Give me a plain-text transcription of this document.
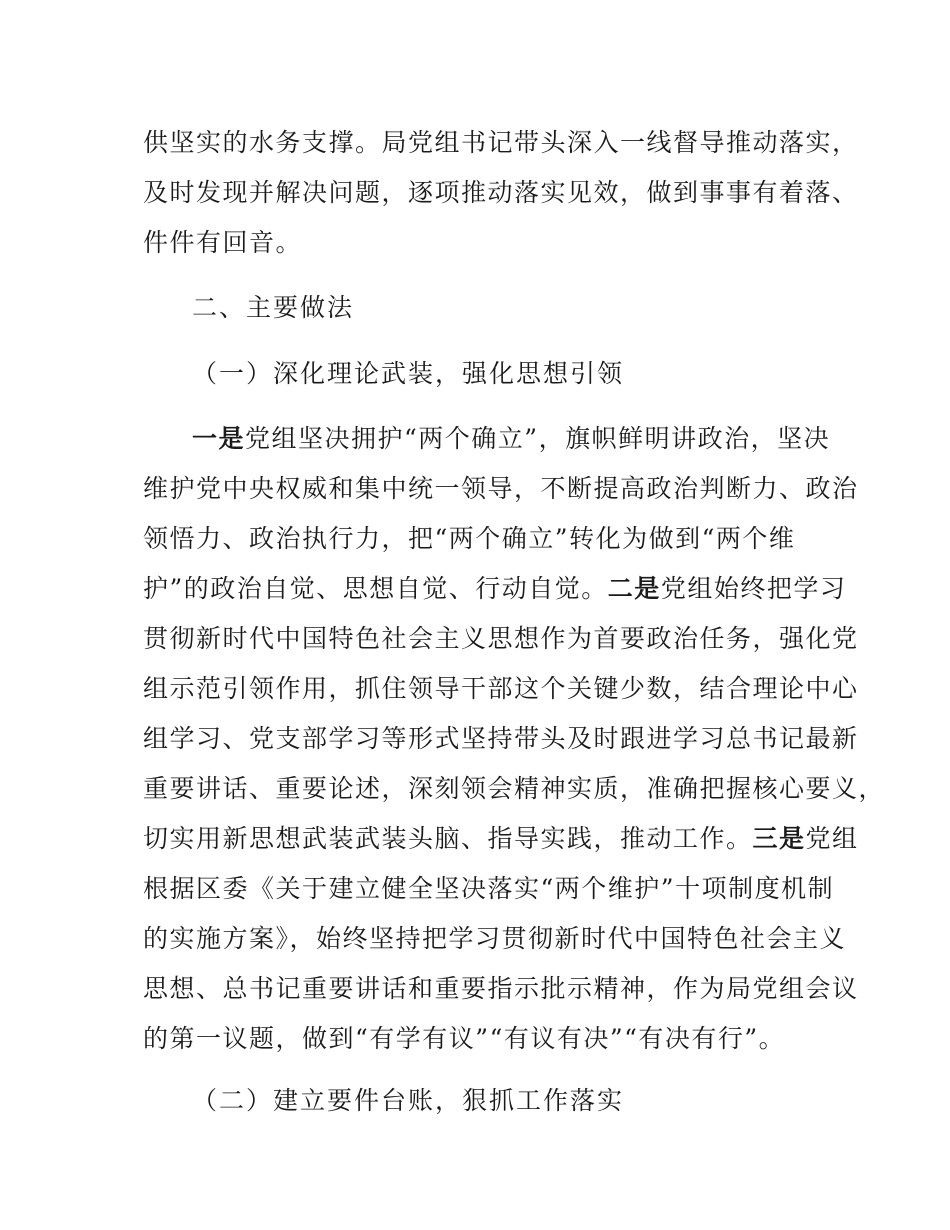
供坚实的水务支撑。局党组书记带头深入一线督导推动落实，
及时发现并解决问题，逐项推动落实见效，做到事事有着落、
件件有回音。
二、主要做法
（一）深化理论武装，强化思想引领
一是党组坚决拥护“两个确立”，旗帜鲜明讲政治，坚决
维护党中央权威和集中统一领导，不断提高政治判断力、政治
领悟力、政治执行力，把“两个确立”转化为做到“两个维
护”的政治自觉、思想自觉、行动自觉。二是党组始终把学习
贯彻新时代中国特色社会主义思想作为首要政治任务，强化党
组示范引领作用，抓住领导干部这个关键少数，结合理论中心
组学习、党支部学习等形式坚持带头及时跟进学习总书记最新
重要讲话、重要论述，深刻领会精神实质，准确把握核心要义，
切实用新思想武装武装头脑、指导实践，推动工作。三是党组
根据区委《关于建立健全坚决落实“两个维护”十项制度机制
的实施方案》，始终坚持把学习贯彻新时代中国特色社会主义
思想、总书记重要讲话和重要指示批示精神，作为局党组会议
的第一议题，做到“有学有议”“有议有决”“有决有行”。
（二）建立要件台账，狠抓工作落实
